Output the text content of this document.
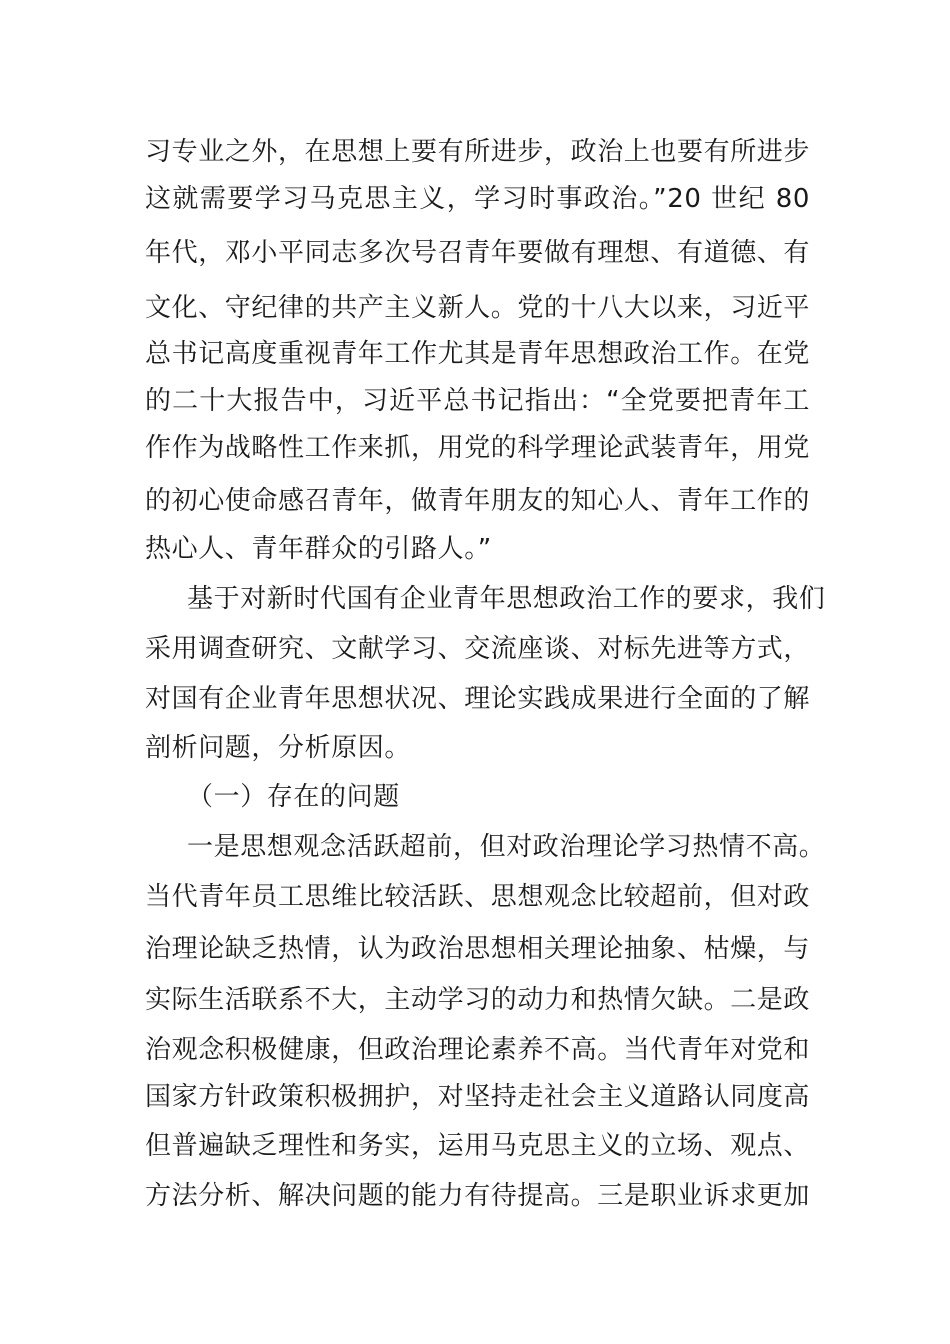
习专业之外，在思想上要有所进步，政治上也要有所进步
这就需要学习马克思主义，学习时事政治。”20 世纪 80
年代，邓小平同志多次号召青年要做有理想、有道德、有
文化、守纪律的共产主义新人。党的十八大以来，习近平
总书记高度重视青年工作尤其是青年思想政治工作。在党
的二十大报告中，习近平总书记指出：“全党要把青年工
作作为战略性工作来抓，用党的科学理论武装青年，用党
的初心使命感召青年，做青年朋友的知心人、青年工作的
热心人、青年群众的引路人。”
基于对新时代国有企业青年思想政治工作的要求，我们
采用调查研究、文献学习、交流座谈、对标先进等方式，
对国有企业青年思想状况、理论实践成果进行全面的了解
剖析问题，分析原因。
（一）存在的问题
一是思想观念活跃超前，但对政治理论学习热情不高。
当代青年员工思维比较活跃、思想观念比较超前，但对政
治理论缺乏热情，认为政治思想相关理论抽象、枯燥，与
实际生活联系不大，主动学习的动力和热情欠缺。二是政
治观念积极健康，但政治理论素养不高。当代青年对党和
国家方针政策积极拥护，对坚持走社会主义道路认同度高
但普遍缺乏理性和务实，运用马克思主义的立场、观点、
方法分析、解决问题的能力有待提高。三是职业诉求更加
